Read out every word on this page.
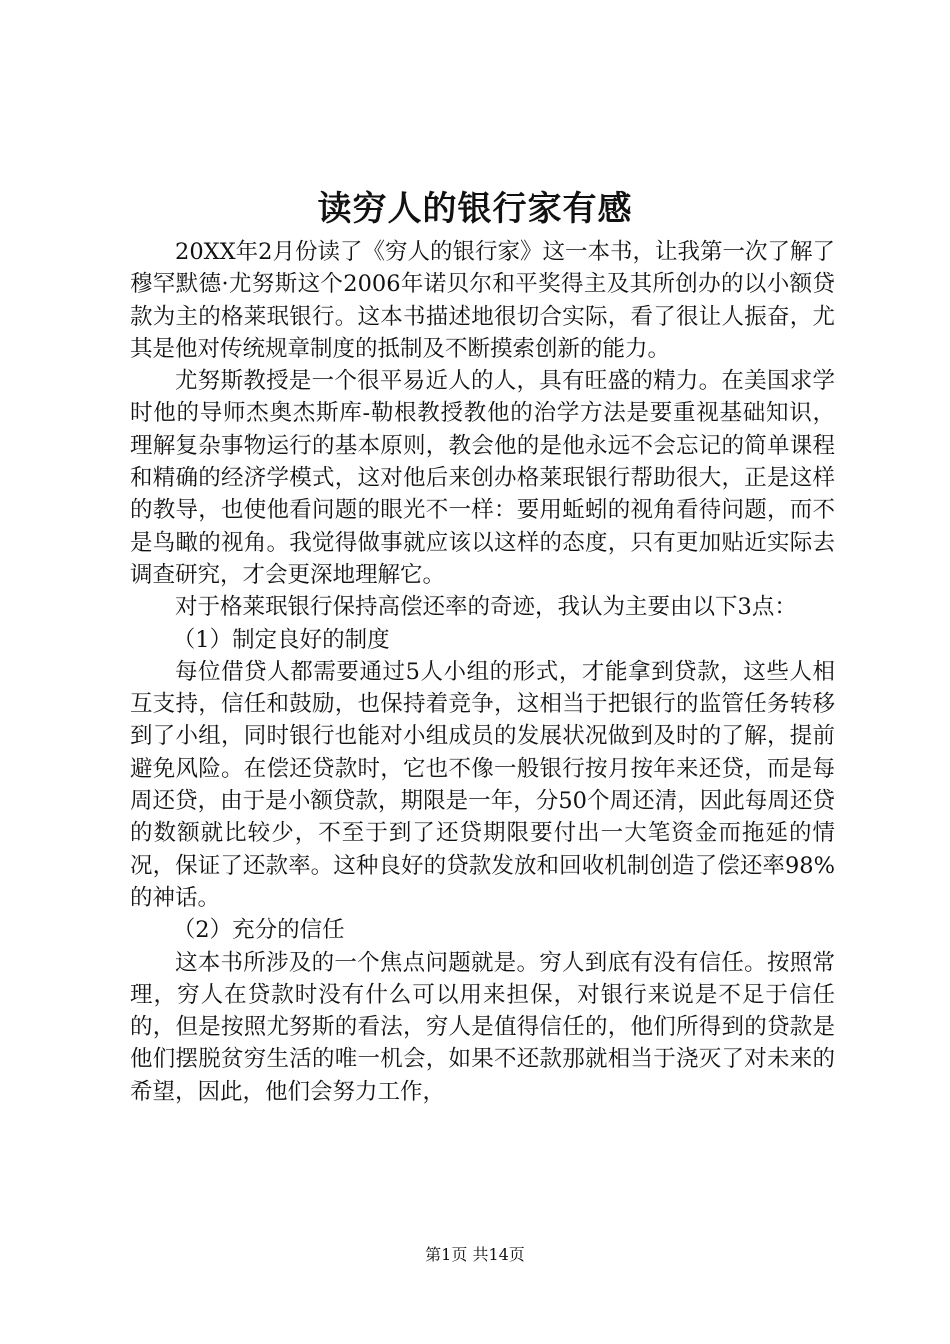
读穷人的银行家有感

20XX年2月份读了《穷人的银行家》这一本书，让我第一次了解了穆罕默德·尤努斯这个2006年诺贝尔和平奖得主及其所创办的以小额贷款为主的格莱珉银行。这本书描述地很切合实际，看了很让人振奋，尤其是他对传统规章制度的抵制及不断摸索创新的能力。

尤努斯教授是一个很平易近人的人，具有旺盛的精力。在美国求学时他的导师杰奥杰斯库-勒根教授教他的治学方法是要重视基础知识，理解复杂事物运行的基本原则，教会他的是他永远不会忘记的简单课程和精确的经济学模式，这对他后来创办格莱珉银行帮助很大，正是这样的教导，也使他看问题的眼光不一样：要用蚯蚓的视角看待问题，而不是鸟瞰的视角。我觉得做事就应该以这样的态度，只有更加贴近实际去调查研究，才会更深地理解它。

对于格莱珉银行保持高偿还率的奇迹，我认为主要由以下3点：

（1）制定良好的制度

每位借贷人都需要通过5人小组的形式，才能拿到贷款，这些人相互支持，信任和鼓励，也保持着竞争，这相当于把银行的监管任务转移到了小组，同时银行也能对小组成员的发展状况做到及时的了解，提前避免风险。在偿还贷款时，它也不像一般银行按月按年来还贷，而是每周还贷，由于是小额贷款，期限是一年，分50个周还清，因此每周还贷的数额就比较少，不至于到了还贷期限要付出一大笔资金而拖延的情况，保证了还款率。这种良好的贷款发放和回收机制创造了偿还率98%的神话。

（2）充分的信任

这本书所涉及的一个焦点问题就是。穷人到底有没有信任。按照常理，穷人在贷款时没有什么可以用来担保，对银行来说是不足于信任的，但是按照尤努斯的看法，穷人是值得信任的，他们所得到的贷款是他们摆脱贫穷生活的唯一机会，如果不还款那就相当于浇灭了对未来的希望，因此，他们会努力工作，

第1页 共14页
